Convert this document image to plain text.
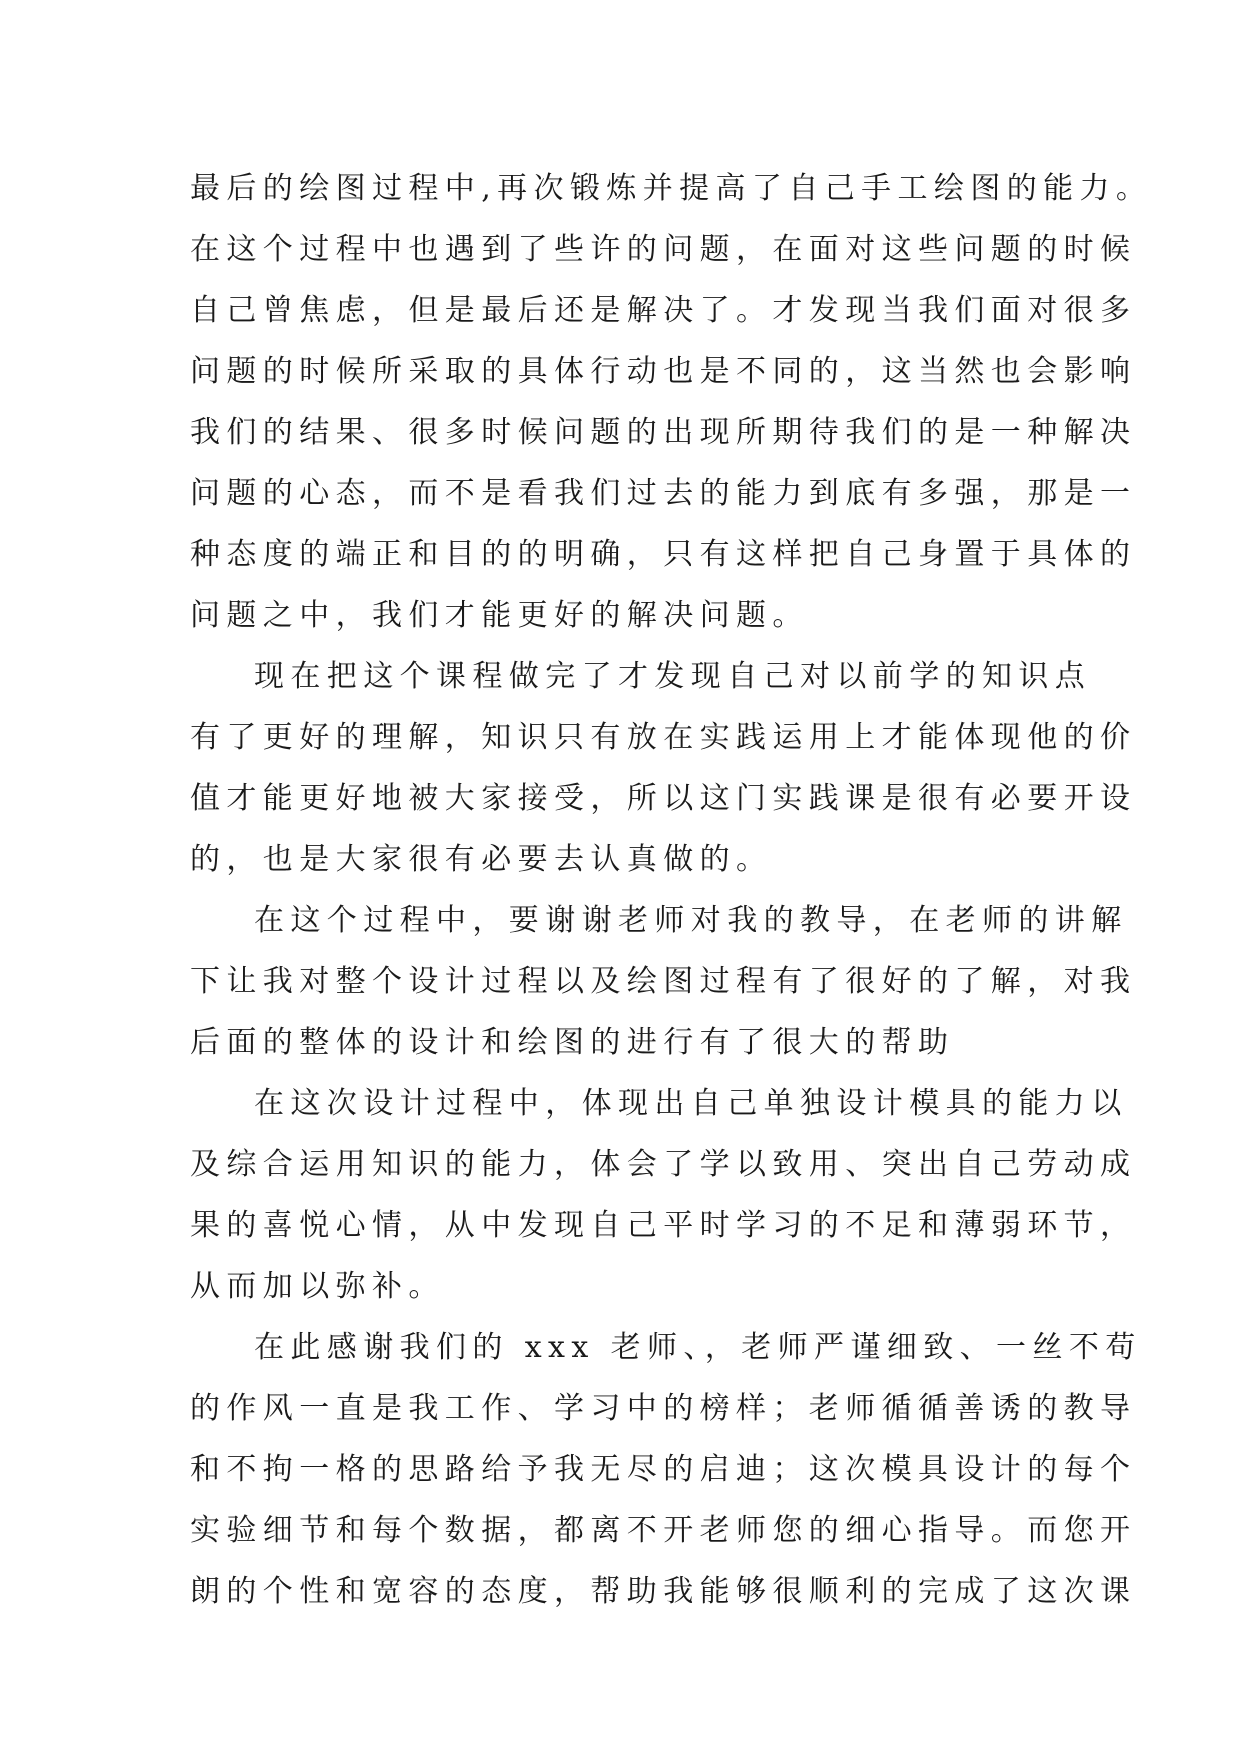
最后的绘图过程中,再次锻炼并提高了自己手工绘图的能力。
在这个过程中也遇到了些许的问题，在面对这些问题的时候
自己曾焦虑，但是最后还是解决了。才发现当我们面对很多
问题的时候所采取的具体行动也是不同的，这当然也会影响
我们的结果、很多时候问题的出现所期待我们的是一种解决
问题的心态，而不是看我们过去的能力到底有多强，那是一
种态度的端正和目的的明确，只有这样把自己身置于具体的
问题之中，我们才能更好的解决问题。
现在把这个课程做完了才发现自己对以前学的知识点
有了更好的理解，知识只有放在实践运用上才能体现他的价
值才能更好地被大家接受，所以这门实践课是很有必要开设
的，也是大家很有必要去认真做的。
在这个过程中，要谢谢老师对我的教导，在老师的讲解
下让我对整个设计过程以及绘图过程有了很好的了解，对我
后面的整体的设计和绘图的进行有了很大的帮助
在这次设计过程中，体现出自己单独设计模具的能力以
及综合运用知识的能力，体会了学以致用、突出自己劳动成
果的喜悦心情，从中发现自己平时学习的不足和薄弱环节，
从而加以弥补。
在此感谢我们的 xxx 老师、，老师严谨细致、一丝不苟
的作风一直是我工作、学习中的榜样；老师循循善诱的教导
和不拘一格的思路给予我无尽的启迪；这次模具设计的每个
实验细节和每个数据，都离不开老师您的细心指导。而您开
朗的个性和宽容的态度，帮助我能够很顺利的完成了这次课
